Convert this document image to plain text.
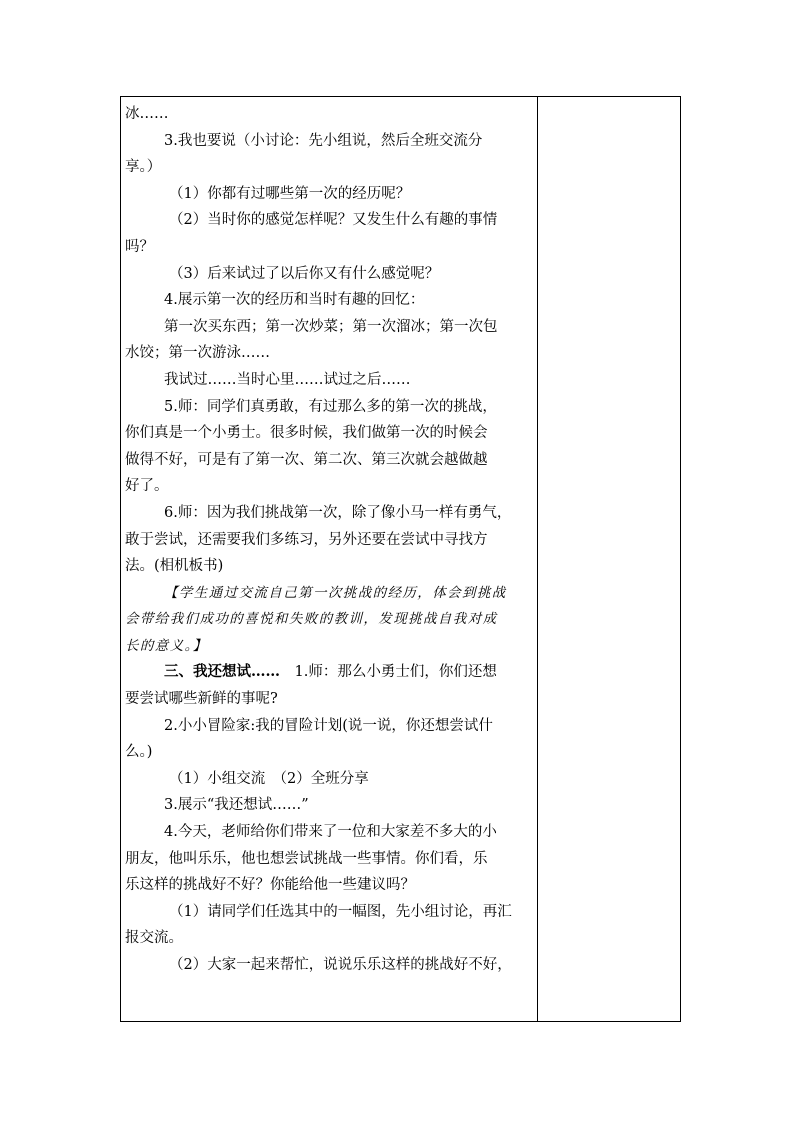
冰……
3.我也要说（小讨论：先小组说，然后全班交流分
享。）
（1）你都有过哪些第一次的经历呢？
（2）当时你的感觉怎样呢？又发生什么有趣的事情
吗？
（3）后来试过了以后你又有什么感觉呢？
4.展示第一次的经历和当时有趣的回忆：
第一次买东西；第一次炒菜；第一次溜冰；第一次包
水饺；第一次游泳……
我试过……当时心里……试过之后……
5.师：同学们真勇敢，有过那么多的第一次的挑战，
你们真是一个小勇士。很多时候，我们做第一次的时候会
做得不好，可是有了第一次、第二次、第三次就会越做越
好了。
6.师：因为我们挑战第一次，除了像小马一样有勇气，
敢于尝试，还需要我们多练习，另外还要在尝试中寻找方
法。(相机板书)
【学生通过交流自己第一次挑战的经历，体会到挑战
会带给我们成功的喜悦和失败的教训，发现挑战自我对成
长的意义。】
三、我还想试……　1.师：那么小勇士们，你们还想
要尝试哪些新鲜的事呢?
2.小小冒险家:我的冒险计划(说一说，你还想尝试什
么。)
（1）小组交流　（2）全班分享
3.展示“我还想试……”
4.今天，老师给你们带来了一位和大家差不多大的小
朋友，他叫乐乐，他也想尝试挑战一些事情。你们看，乐
乐这样的挑战好不好？你能给他一些建议吗？
（1）请同学们任选其中的一幅图，先小组讨论，再汇
报交流。
（2）大家一起来帮忙，说说乐乐这样的挑战好不好，
